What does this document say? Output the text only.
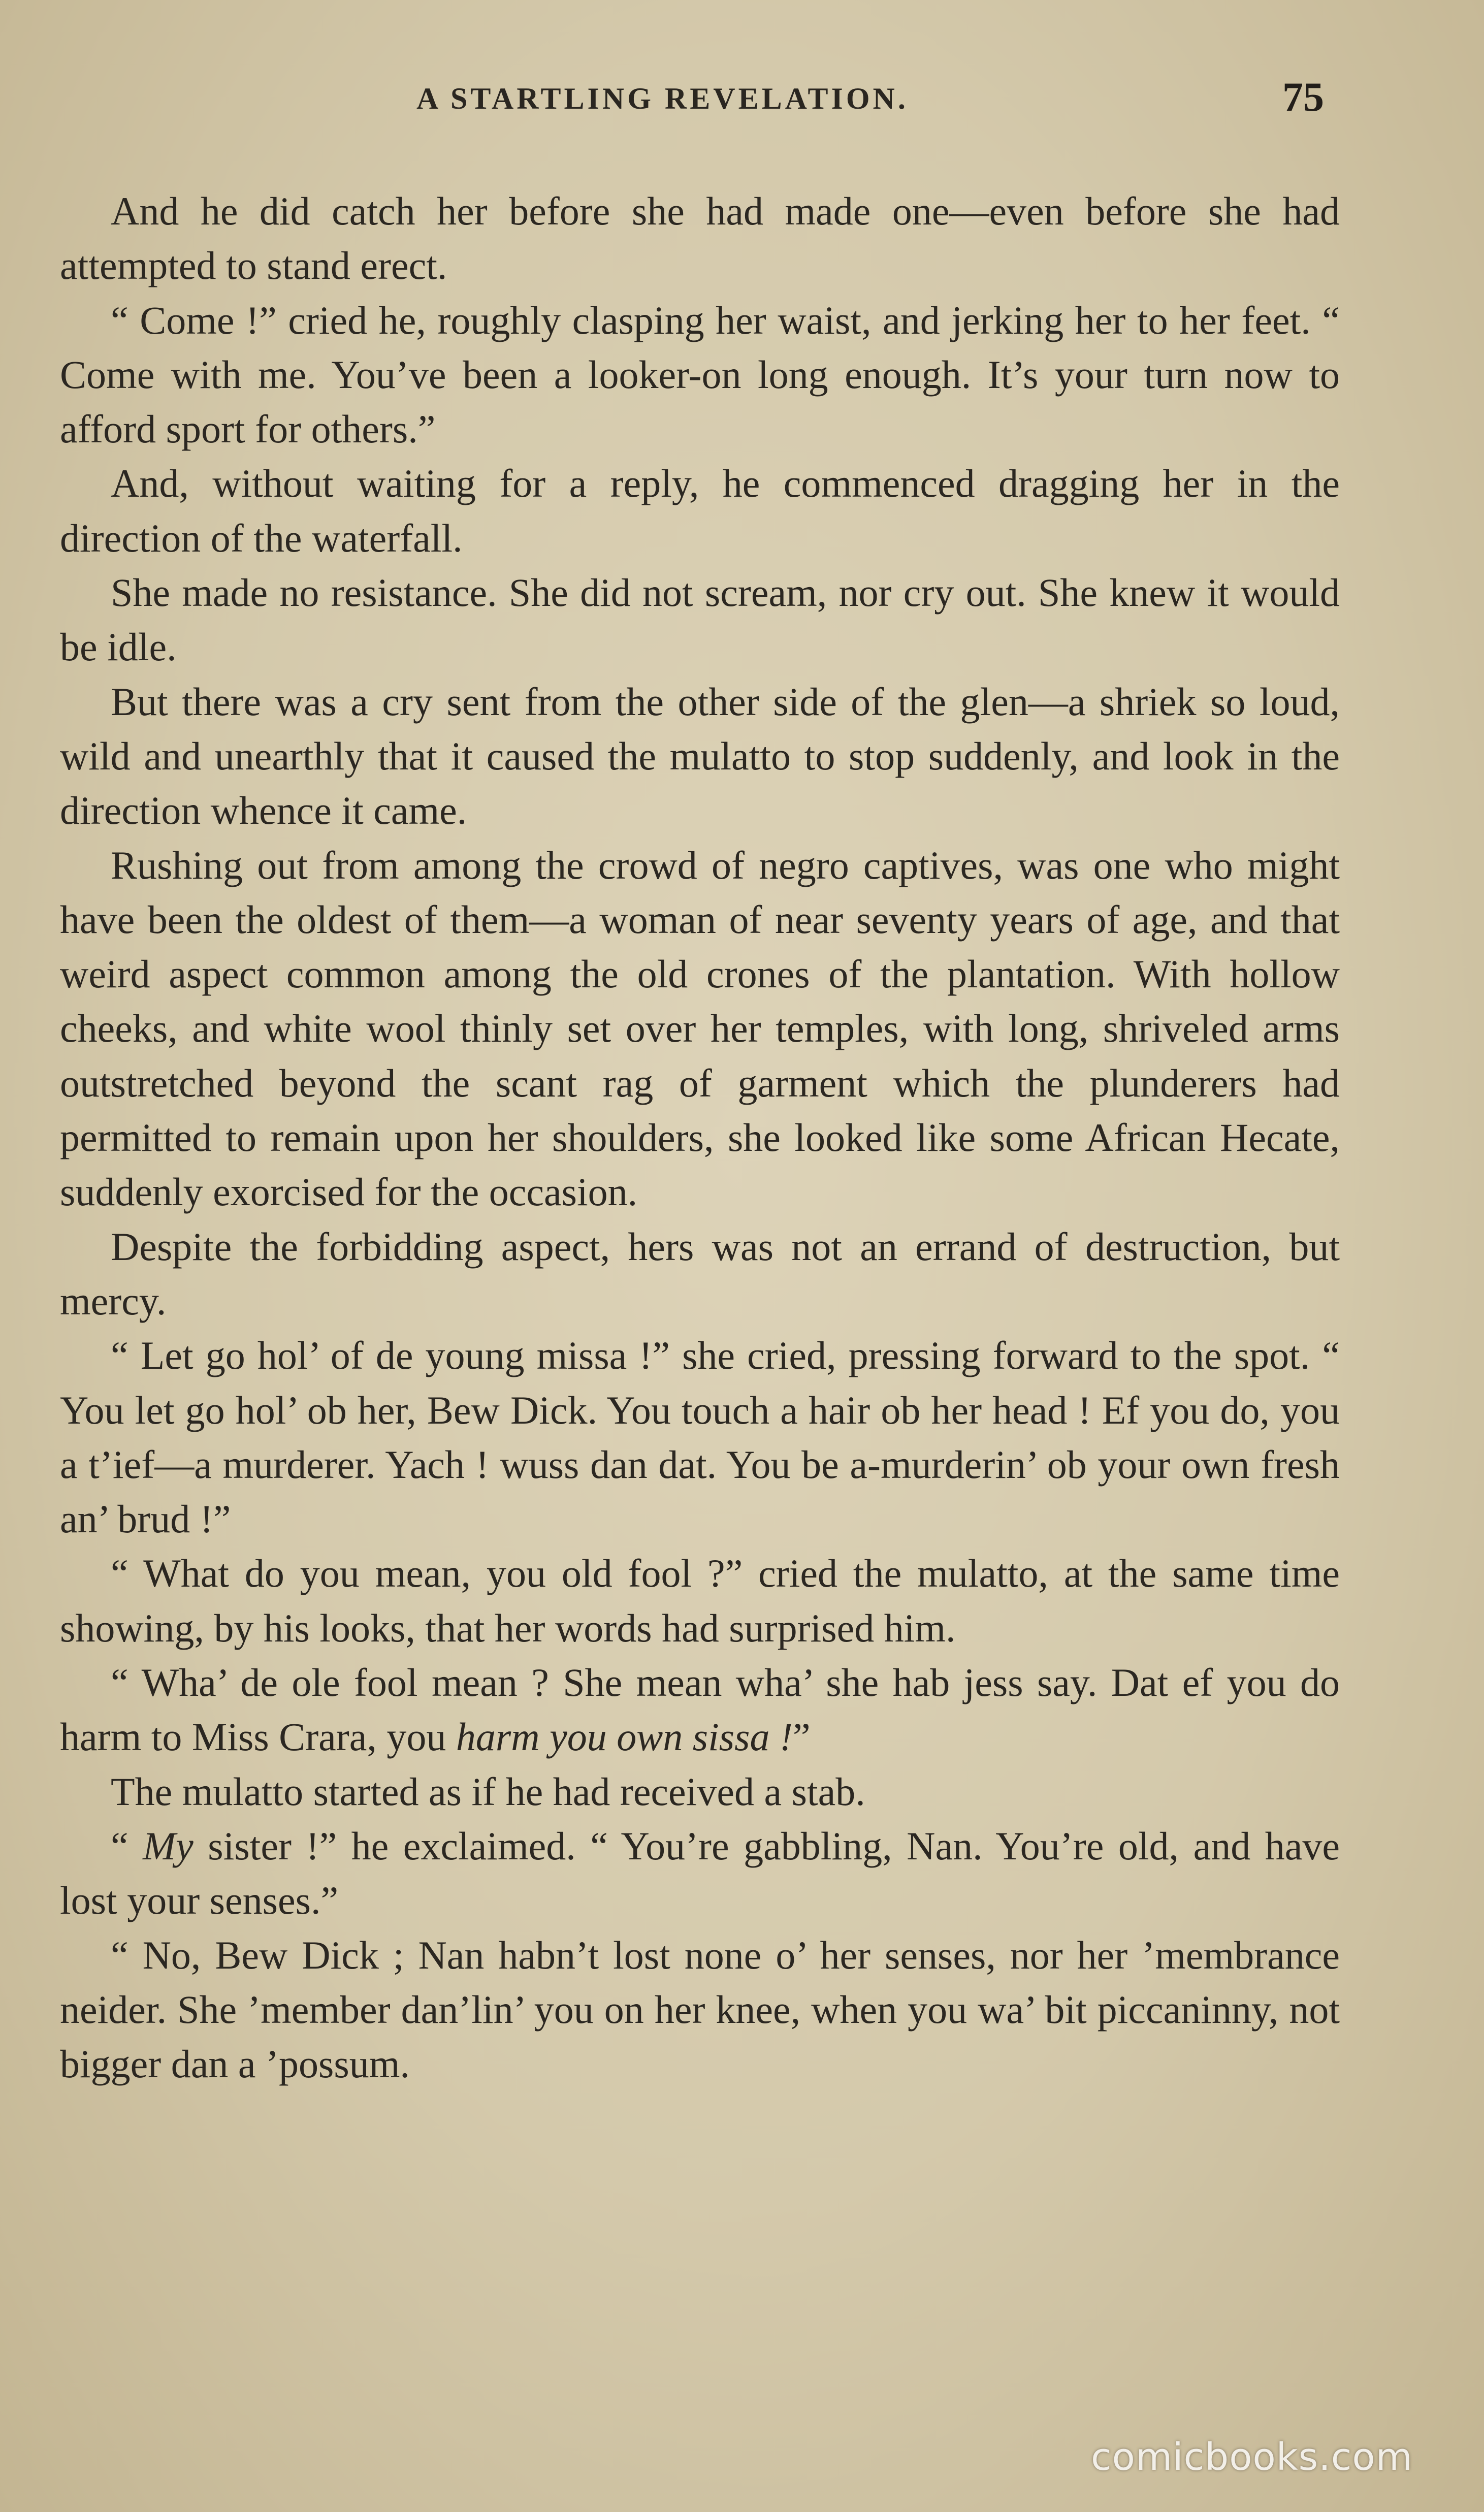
A STARTLING REVELATION.	75

And he did catch her before she had made one—even before she had attempted to stand erect.

“ Come !” cried he, roughly clasping her waist, and jerking her to her feet. “ Come with me. You’ve been a looker-on long enough. It’s your turn now to afford sport for others.”

And, without waiting for a reply, he commenced dragging her in the direction of the waterfall.

She made no resistance. She did not scream, nor cry out. She knew it would be idle.

But there was a cry sent from the other side of the glen—a shriek so loud, wild and unearthly that it caused the mulatto to stop suddenly, and look in the direction whence it came.

Rushing out from among the crowd of negro captives, was one who might have been the oldest of them—a woman of near seventy years of age, and that weird aspect common among the old crones of the plantation. With hollow cheeks, and white wool thinly set over her temples, with long, shriveled arms outstretched beyond the scant rag of garment which the plunderers had permitted to remain upon her shoulders, she looked like some African Hecate, suddenly exorcised for the occasion.

Despite the forbidding aspect, hers was not an errand of destruction, but mercy.

“ Let go hol’ of de young missa !” she cried, pressing forward to the spot. “ You let go hol’ ob her, Bew Dick. You touch a hair ob her head ! Ef you do, you a t’ief—a murderer. Yach ! wuss dan dat. You be a-murderin’ ob your own fresh an’ brud !”

“ What do you mean, you old fool ?” cried the mulatto, at the same time showing, by his looks, that her words had surprised him.

“ Wha’ de ole fool mean ? She mean wha’ she hab jess say. Dat ef you do harm to Miss Crara, you harm you own sissa !”

The mulatto started as if he had received a stab.

“ My sister !” he exclaimed. “ You’re gabbling, Nan. You’re old, and have lost your senses.”

“ No, Bew Dick ; Nan habn’t lost none o’ her senses, nor her ’membrance neider. She ’member dan’lin’ you on her knee, when you wa’ bit piccaninny, not bigger dan a ’possum.

comicbooks.com
